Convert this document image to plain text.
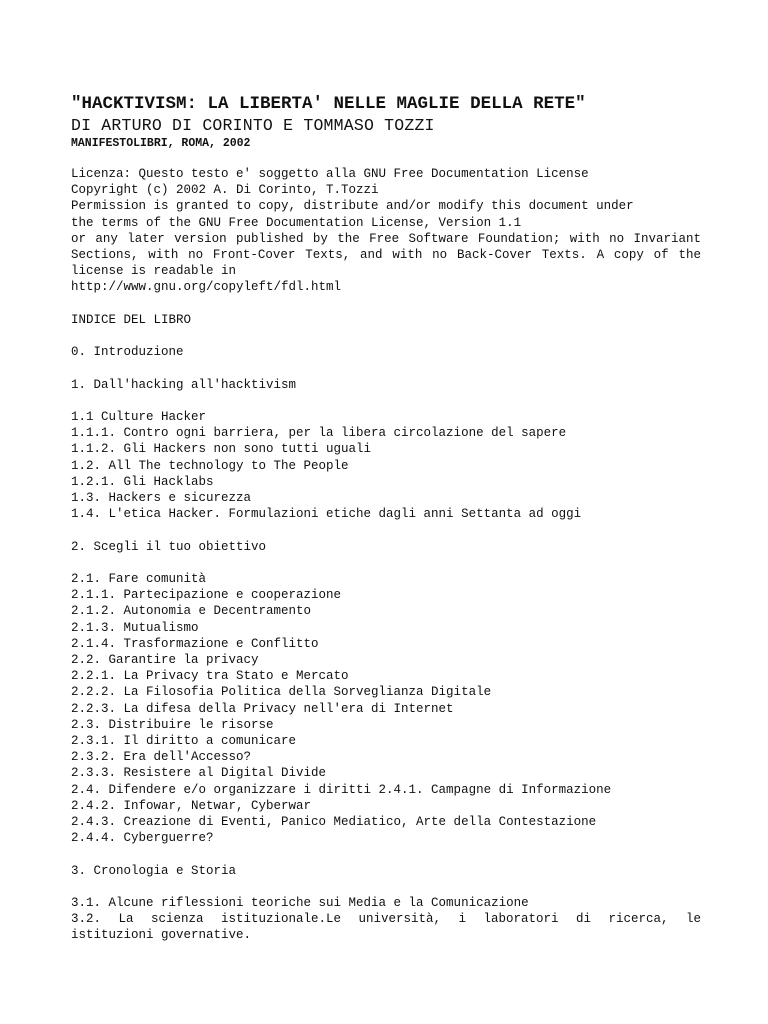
"HACKTIVISM: LA LIBERTA' NELLE MAGLIE DELLA RETE"

DI ARTURO DI CORINTO E TOMMASO TOZZI

MANIFESTOLIBRI, ROMA, 2002

Licenza: Questo testo e' soggetto alla GNU Free Documentation License
Copyright (c) 2002 A. Di Corinto, T.Tozzi
Permission is granted to copy, distribute and/or modify this document under
the terms of the GNU Free Documentation License, Version 1.1
or any later version published by the Free Software Foundation; with no Invariant Sections, with no Front-Cover Texts, and with no Back-Cover Texts. A copy of the license is readable in
http://www.gnu.org/copyleft/fdl.html
INDICE DEL LIBRO
0. Introduzione
1. Dall'hacking all'hacktivism
1.1 Culture Hacker
1.1.1. Contro ogni barriera, per la libera circolazione del sapere
1.1.2. Gli Hackers non sono tutti uguali
1.2. All The technology to The People
1.2.1. Gli Hacklabs
1.3. Hackers e sicurezza
1.4. L'etica Hacker. Formulazioni etiche dagli anni Settanta ad oggi
2. Scegli il tuo obiettivo
2.1. Fare comunità
2.1.1. Partecipazione e cooperazione
2.1.2. Autonomia e Decentramento
2.1.3. Mutualismo
2.1.4. Trasformazione e Conflitto
2.2. Garantire la privacy
2.2.1. La Privacy tra Stato e Mercato
2.2.2. La Filosofia Politica della Sorveglianza Digitale
2.2.3. La difesa della Privacy nell'era di Internet
2.3. Distribuire le risorse
2.3.1. Il diritto a comunicare
2.3.2. Era dell'Accesso?
2.3.3. Resistere al Digital Divide
2.4. Difendere e/o organizzare i diritti 2.4.1. Campagne di Informazione
2.4.2. Infowar, Netwar, Cyberwar
2.4.3. Creazione di Eventi, Panico Mediatico, Arte della Contestazione
2.4.4. Cyberguerre?
3. Cronologia e Storia
3.1. Alcune riflessioni teoriche sui Media e la Comunicazione
3.2. La scienza istituzionale.Le università, i laboratori di ricerca, le istituzioni governative.
